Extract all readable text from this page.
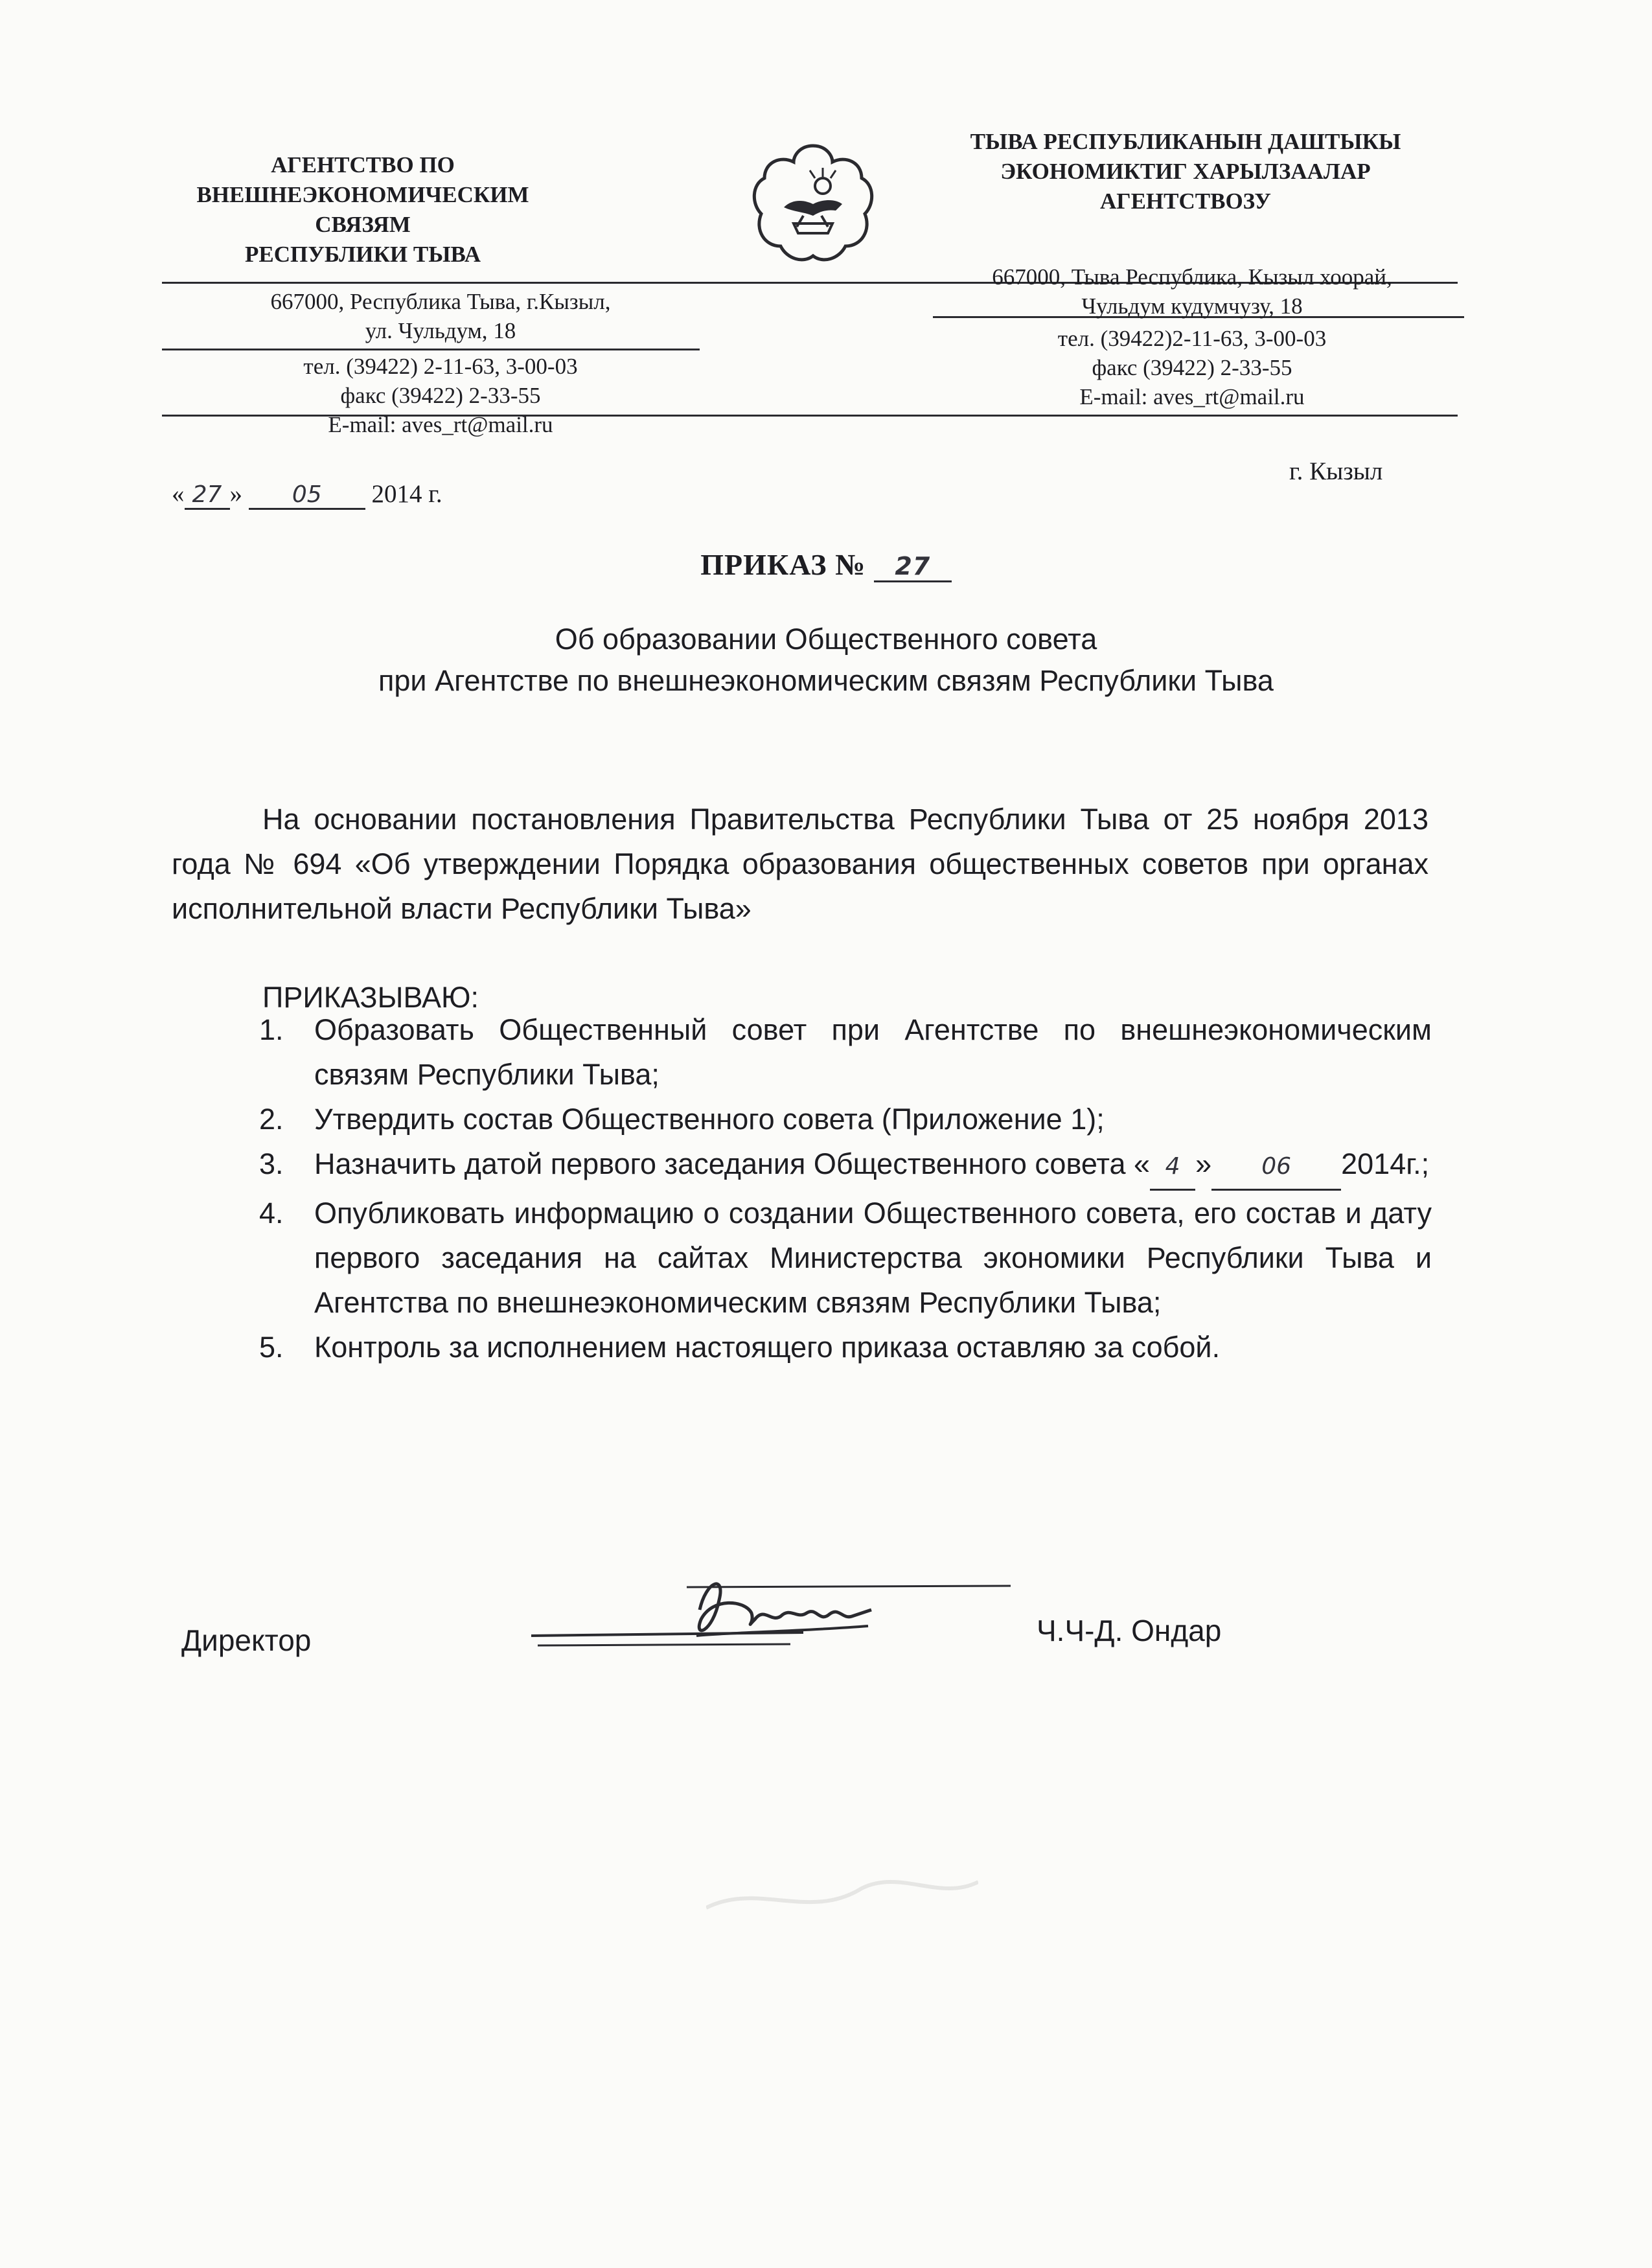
АГЕНТСТВО ПО
ВНЕШНЕЭКОНОМИЧЕСКИМ СВЯЗЯМ
РЕСПУБЛИКИ ТЫВА
ТЫВА РЕСПУБЛИКАНЫН ДАШТЫКЫ
ЭКОНОМИКТИГ ХАРЫЛЗААЛАР
АГЕНТСТВОЗУ
667000, Республика Тыва, г.Кызыл,
ул. Чульдум, 18
тел. (39422) 2-11-63, 3-00-03
факс (39422) 2-33-55
E-mail: aves_rt@mail.ru
667000, Тыва Республика, Кызыл хоорай,
Чульдум кудумчузу, 18
тел. (39422)2-11-63, 3-00-03
факс (39422) 2-33-55
E-mail: aves_rt@mail.ru
« 27 » 05 2014 г.
г. Кызыл
ПРИКАЗ № 27
Об образовании Общественного совета
при Агентстве по внешнеэкономическим связям Республики Тыва
На основании постановления Правительства Республики Тыва от 25 ноября 2013 года № 694 «Об утверждении Порядка образования общественных советов при органах исполнительной власти Республики Тыва»
ПРИКАЗЫВАЮ:
1. Образовать Общественный совет при Агентстве по внешнеэкономическим связям Республики Тыва;
2. Утвердить состав Общественного совета (Приложение 1);
3. Назначить датой первого заседания Общественного совета « 4 » 06 2014г.;
4. Опубликовать информацию о создании Общественного совета, его состав и дату первого заседания на сайтах Министерства экономики Республики Тыва и Агентства по внешнеэкономическим связям Республики Тыва;
5. Контроль за исполнением настоящего приказа оставляю за собой.
Директор	Ч.Ч-Д. Ондар
